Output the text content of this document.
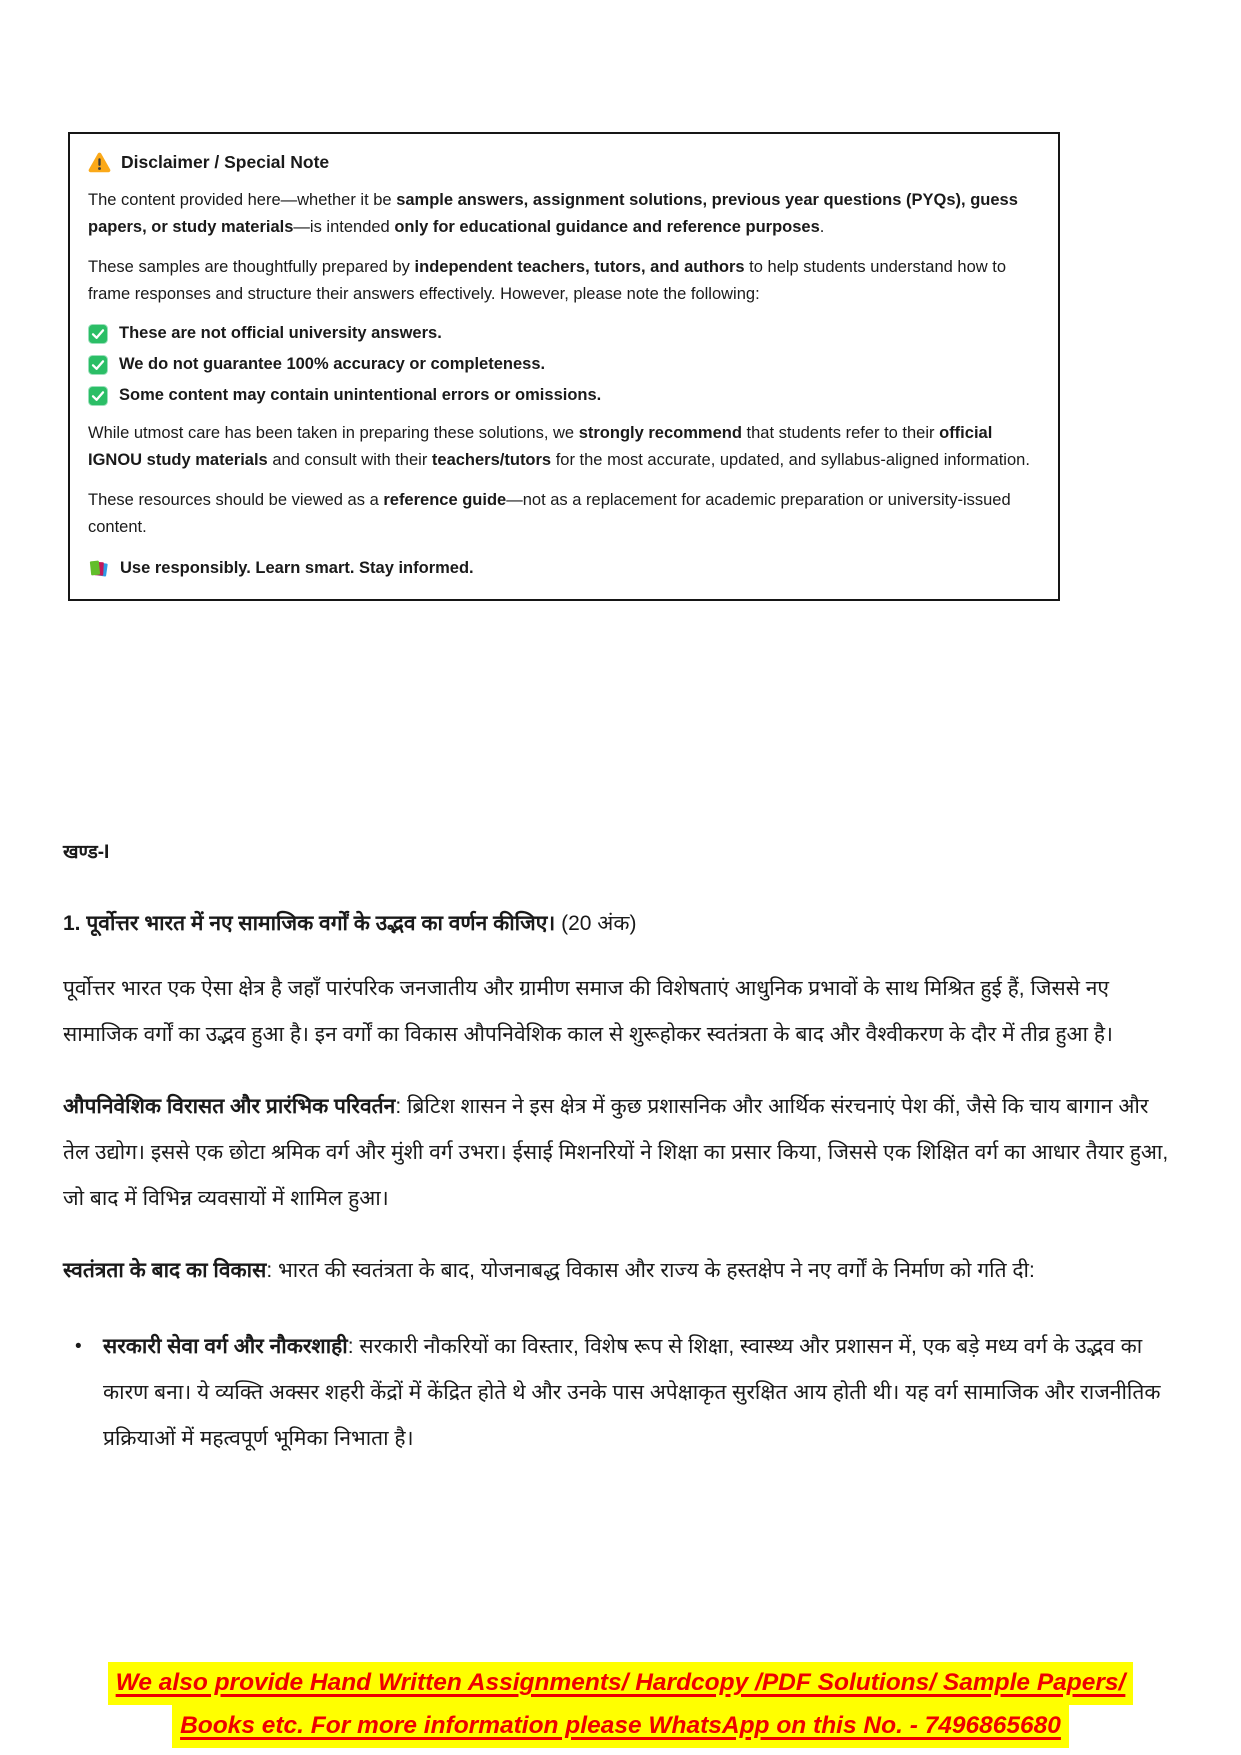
Disclaimer / Special Note

The content provided here—whether it be sample answers, assignment solutions, previous year questions (PYQs), guess papers, or study materials—is intended only for educational guidance and reference purposes.

These samples are thoughtfully prepared by independent teachers, tutors, and authors to help students understand how to frame responses and structure their answers effectively. However, please note the following:

These are not official university answers.
We do not guarantee 100% accuracy or completeness.
Some content may contain unintentional errors or omissions.

While utmost care has been taken in preparing these solutions, we strongly recommend that students refer to their official IGNOU study materials and consult with their teachers/tutors for the most accurate, updated, and syllabus-aligned information.

These resources should be viewed as a reference guide—not as a replacement for academic preparation or university-issued content.

Use responsibly. Learn smart. Stay informed.
खण्ड-I
1. पूर्वोत्तर भारत में नए सामाजिक वर्गों के उद्भव का वर्णन कीजिए। (20 अंक)

पूर्वोत्तर भारत एक ऐसा क्षेत्र है जहाँ पारंपरिक जनजातीय और ग्रामीण समाज की विशेषताएं आधुनिक प्रभावों के साथ मिश्रित हुई हैं, जिससे नए सामाजिक वर्गों का उद्भव हुआ है। इन वर्गों का विकास औपनिवेशिक काल से शुरूहोकर स्वतंत्रता के बाद और वैश्वीकरण के दौर में तीव्र हुआ है।

औपनिवेशिक विरासत और प्रारंभिक परिवर्तन: ब्रिटिश शासन ने इस क्षेत्र में कुछ प्रशासनिक और आर्थिक संरचनाएं पेश कीं, जैसे कि चाय बागान और तेल उद्योग। इससे एक छोटा श्रमिक वर्ग और मुंशी वर्ग उभरा। ईसाई मिशनरियों ने शिक्षा का प्रसार किया, जिससे एक शिक्षित वर्ग का आधार तैयार हुआ, जो बाद में विभिन्न व्यवसायों में शामिल हुआ।

स्वतंत्रता के बाद का विकास: भारत की स्वतंत्रता के बाद, योजनाबद्ध विकास और राज्य के हस्तक्षेप ने नए वर्गों के निर्माण को गति दी:

• सरकारी सेवा वर्ग और नौकरशाही: सरकारी नौकरियों का विस्तार, विशेष रूप से शिक्षा, स्वास्थ्य और प्रशासन में, एक बड़े मध्य वर्ग के उद्भव का कारण बना। ये व्यक्ति अक्सर शहरी केंद्रों में केंद्रित होते थे और उनके पास अपेक्षाकृत सुरक्षित आय होती थी। यह वर्ग सामाजिक और राजनीतिक प्रक्रियाओं में महत्वपूर्ण भूमिका निभाता है।
We also provide Hand Written Assignments/ Hardcopy /PDF Solutions/ Sample Papers/
Books etc. For more information please WhatsApp on this No. - 7496865680
